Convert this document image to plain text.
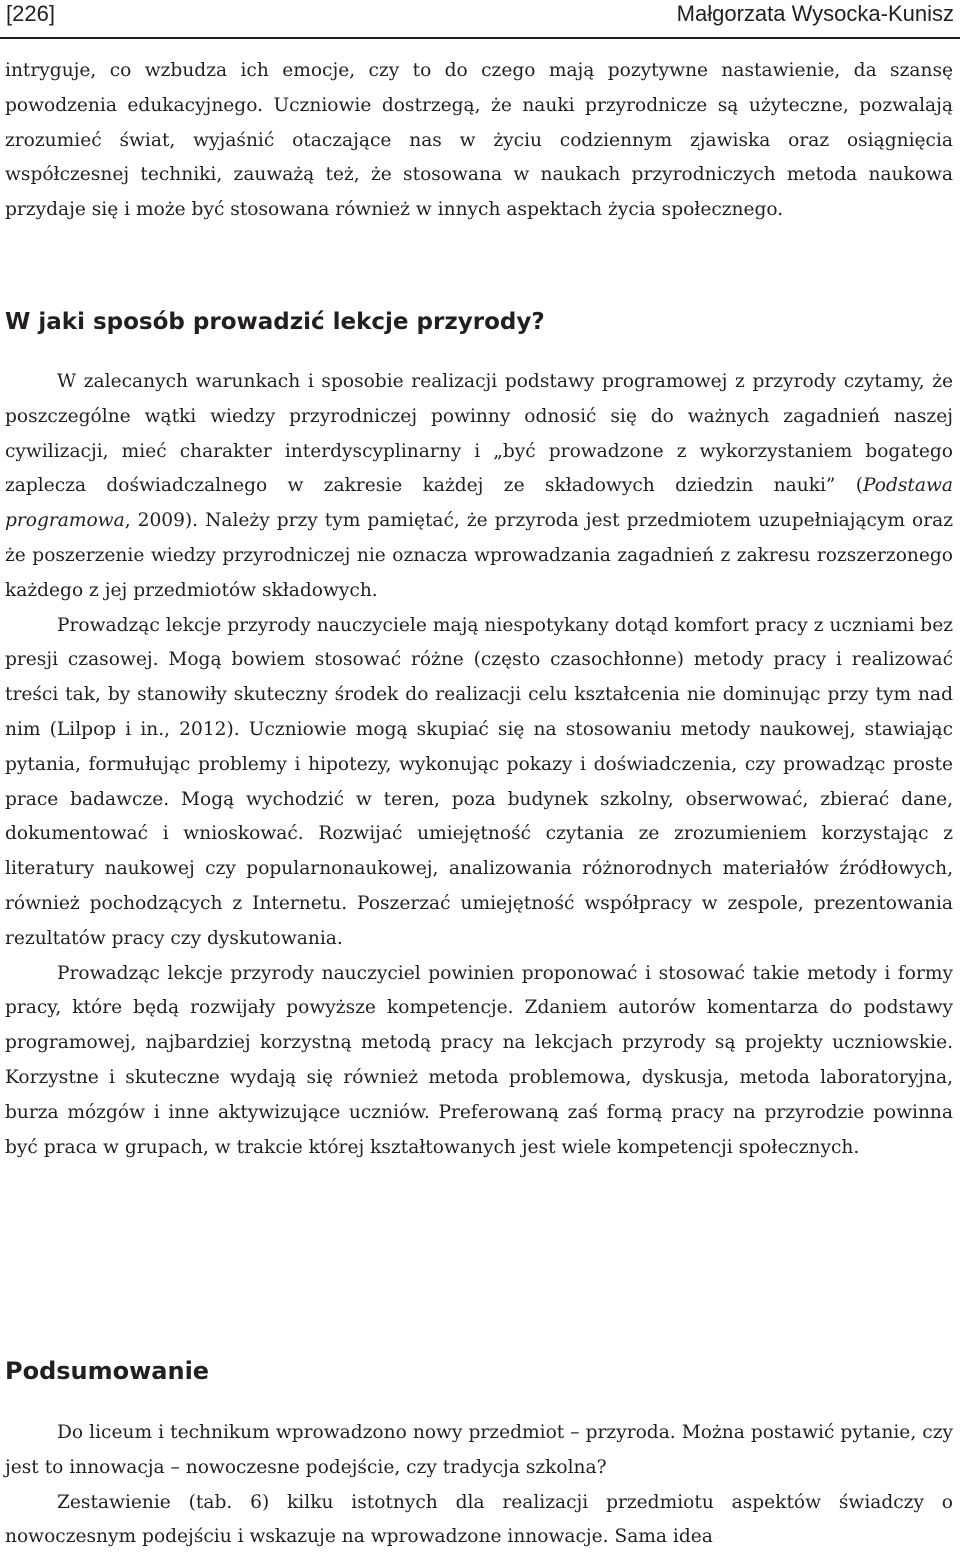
[226]	Małgorzata Wysocka-Kunisz

intryguje, co wzbudza ich emocje, czy to do czego mają pozytywne nastawienie, da szansę powodzenia edukacyjnego. Uczniowie dostrzegą, że nauki przyrodnicze są użyteczne, pozwalają zrozumieć świat, wyjaśnić otaczające nas w życiu codziennym zjawiska oraz osiągnięcia współczesnej techniki, zauważą też, że stosowana w naukach przyrodniczych metoda naukowa przydaje się i może być stosowana również w innych aspektach życia społecznego.

W jaki sposób prowadzić lekcje przyrody?

W zalecanych warunkach i sposobie realizacji podstawy programowej z przyrody czytamy, że poszczególne wątki wiedzy przyrodniczej powinny odnosić się do ważnych zagadnień naszej cywilizacji, mieć charakter interdyscyplinarny i „być prowadzone z wykorzystaniem bogatego zaplecza doświadczalnego w zakresie każdej ze składowych dziedzin nauki” (Podstawa programowa, 2009). Należy przy tym pamiętać, że przyroda jest przedmiotem uzupełniającym oraz że poszerzenie wiedzy przyrodniczej nie oznacza wprowadzania zagadnień z zakresu rozszerzonego każdego z jej przedmiotów składowych.

Prowadząc lekcje przyrody nauczyciele mają niespotykany dotąd komfort pracy z uczniami bez presji czasowej. Mogą bowiem stosować różne (często czasochłonne) metody pracy i realizować treści tak, by stanowiły skuteczny środek do realizacji celu kształcenia nie dominując przy tym nad nim (Lilpop i in., 2012). Uczniowie mogą skupiać się na stosowaniu metody naukowej, stawiając pytania, formułując problemy i hipotezy, wykonując pokazy i doświadczenia, czy prowadząc proste prace badawcze. Mogą wychodzić w teren, poza budynek szkolny, obserwować, zbierać dane, dokumentować i wnioskować. Rozwijać umiejętność czytania ze zrozumieniem korzystając z literatury naukowej czy popularnonaukowej, analizowania różnorodnych materiałów źródłowych, również pochodzących z Internetu. Poszerzać umiejętność współpracy w zespole, prezentowania rezultatów pracy czy dyskutowania.

Prowadząc lekcje przyrody nauczyciel powinien proponować i stosować takie metody i formy pracy, które będą rozwijały powyższe kompetencje. Zdaniem autorów komentarza do podstawy programowej, najbardziej korzystną metodą pracy na lekcjach przyrody są projekty uczniowskie. Korzystne i skuteczne wydają się również metoda problemowa, dyskusja, metoda laboratoryjna, burza mózgów i inne aktywizujące uczniów. Preferowaną zaś formą pracy na przyrodzie powinna być praca w grupach, w trakcie której kształtowanych jest wiele kompetencji społecznych.

Podsumowanie

Do liceum i technikum wprowadzono nowy przedmiot – przyroda. Można postawić pytanie, czy jest to innowacja – nowoczesne podejście, czy tradycja szkolna?

Zestawienie (tab. 6) kilku istotnych dla realizacji przedmiotu aspektów świadczy o nowoczesnym podejściu i wskazuje na wprowadzone innowacje. Sama idea
